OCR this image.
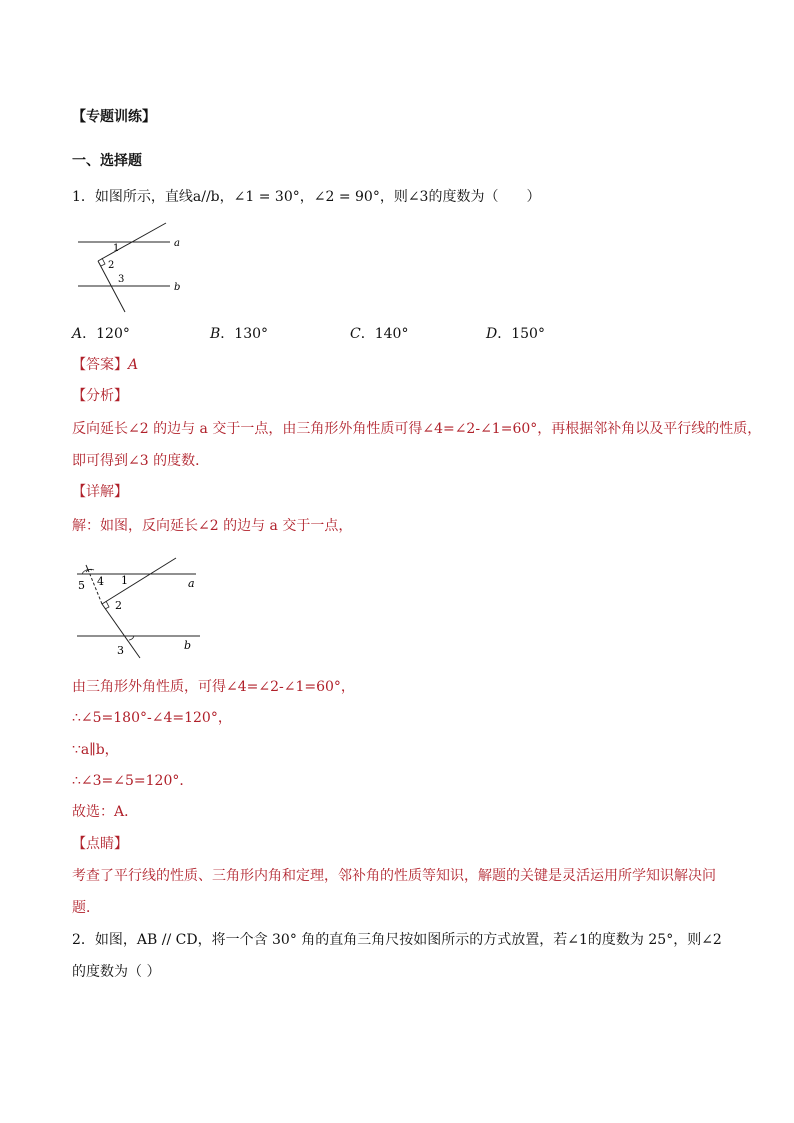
【专题训练】
一、选择题
1．如图所示，直线a//b，∠1 = 30°，∠2 = 90°，则∠3的度数为（　　）
a
b
1
2
3
A．120°	B．130°	C．140°	D．150°
【答案】A
【分析】
反向延长∠2 的边与 a 交于一点，由三角形外角性质可得∠4=∠2-∠1=60°，再根据邻补角以及平行线的性质，
即可得到∠3 的度数．
【详解】
解：如图，反向延长∠2 的边与 a 交于一点，
a
b
1
2
3
4
5
由三角形外角性质，可得∠4=∠2-∠1=60°，
∴∠5=180°-∠4=120°，
∵a∥b，
∴∠3=∠5=120°．
故选：A．
【点睛】
考查了平行线的性质、三角形内角和定理，邻补角的性质等知识，解题的关键是灵活运用所学知识解决问
题．
2．如图，AB // CD，将一个含 30° 角的直角三角尺按如图所示的方式放置，若∠1的度数为 25°，则∠2
的度数为（ ）
